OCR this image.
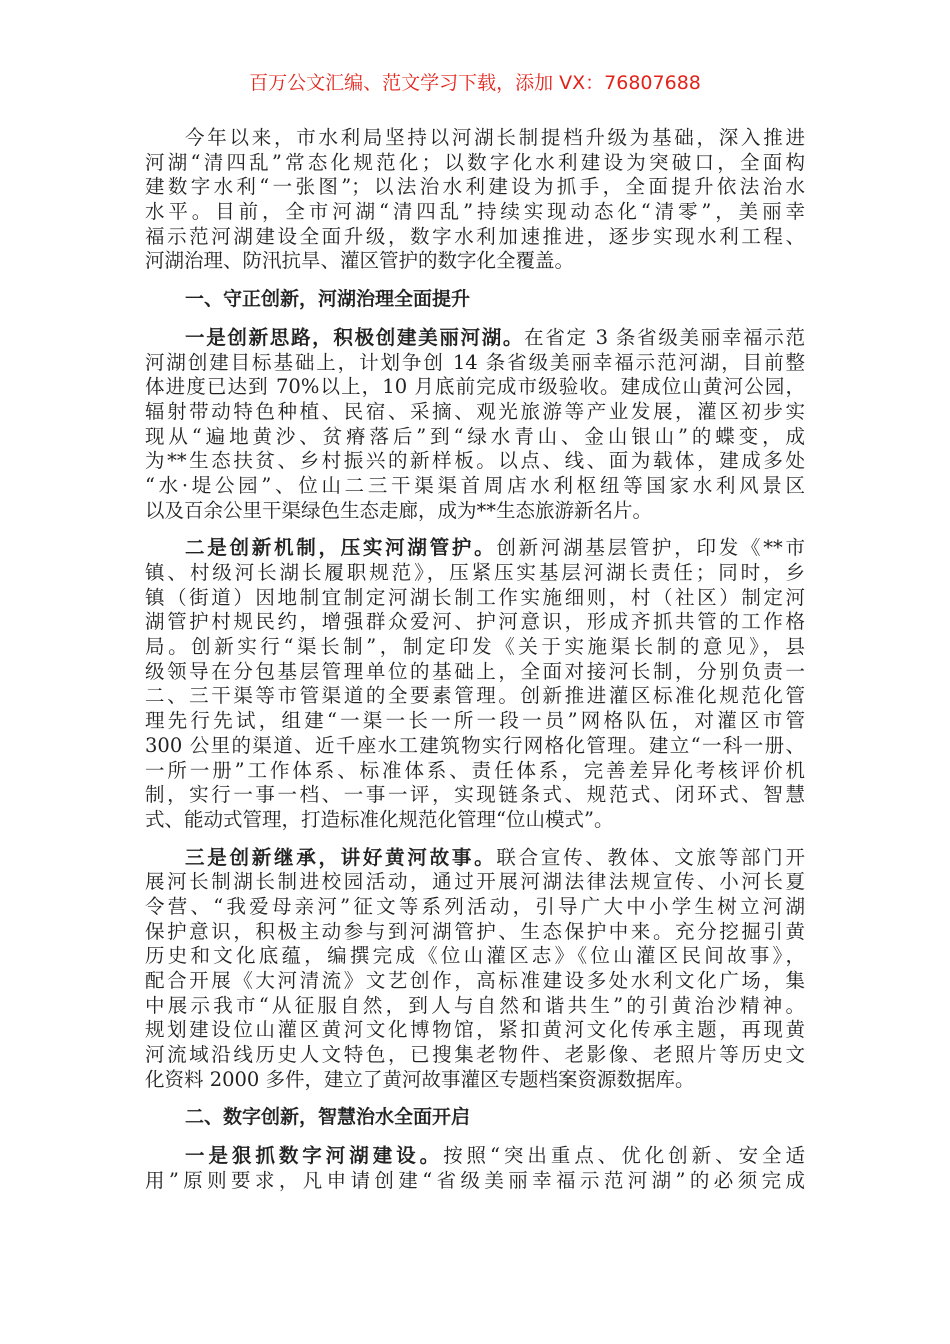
百万公文汇编、范文学习下载，添加 VX：76807688
今年以来，市水利局坚持以河湖长制提档升级为基础，深入推进
河湖“清四乱”常态化规范化；以数字化水利建设为突破口，全面构
建数字水利“一张图”；以法治水利建设为抓手，全面提升依法治水
水平。目前，全市河湖“清四乱”持续实现动态化“清零”，美丽幸
福示范河湖建设全面升级，数字水利加速推进，逐步实现水利工程、
河湖治理、防汛抗旱、灌区管护的数字化全覆盖。
一、守正创新，河湖治理全面提升
一是创新思路，积极创建美丽河湖。在省定 3 条省级美丽幸福示范
河湖创建目标基础上，计划争创 14 条省级美丽幸福示范河湖，目前整
体进度已达到 70%以上，10 月底前完成市级验收。建成位山黄河公园，
辐射带动特色种植、民宿、采摘、观光旅游等产业发展，灌区初步实
现从“遍地黄沙、贫瘠落后”到“绿水青山、金山银山”的蝶变，成
为**生态扶贫、乡村振兴的新样板。以点、线、面为载体，建成多处
“水·堤公园”、位山二三干渠渠首周店水利枢纽等国家水利风景区
以及百余公里干渠绿色生态走廊，成为**生态旅游新名片。
二是创新机制，压实河湖管护。创新河湖基层管护，印发《**市
镇、村级河长湖长履职规范》，压紧压实基层河湖长责任；同时，乡
镇（街道）因地制宜制定河湖长制工作实施细则，村（社区）制定河
湖管护村规民约，增强群众爱河、护河意识，形成齐抓共管的工作格
局。创新实行“渠长制”，制定印发《关于实施渠长制的意见》，县
级领导在分包基层管理单位的基础上，全面对接河长制，分别负责一
二、三干渠等市管渠道的全要素管理。创新推进灌区标准化规范化管
理先行先试，组建“一渠一长一所一段一员”网格队伍，对灌区市管
300 公里的渠道、近千座水工建筑物实行网格化管理。建立“一科一册、
一所一册”工作体系、标准体系、责任体系，完善差异化考核评价机
制，实行一事一档、一事一评，实现链条式、规范式、闭环式、智慧
式、能动式管理，打造标准化规范化管理“位山模式”。
三是创新继承，讲好黄河故事。联合宣传、教体、文旅等部门开
展河长制湖长制进校园活动，通过开展河湖法律法规宣传、小河长夏
令营、“我爱母亲河”征文等系列活动，引导广大中小学生树立河湖
保护意识，积极主动参与到河湖管护、生态保护中来。充分挖掘引黄
历史和文化底蕴，编撰完成《位山灌区志》《位山灌区民间故事》，
配合开展《大河清流》文艺创作，高标准建设多处水利文化广场，集
中展示我市“从征服自然，到人与自然和谐共生”的引黄治沙精神。
规划建设位山灌区黄河文化博物馆，紧扣黄河文化传承主题，再现黄
河流域沿线历史人文特色，已搜集老物件、老影像、老照片等历史文
化资料 2000 多件，建立了黄河故事灌区专题档案资源数据库。
二、数字创新，智慧治水全面开启
一是狠抓数字河湖建设。按照“突出重点、优化创新、安全适
用”原则要求，凡申请创建“省级美丽幸福示范河湖”的必须完成
